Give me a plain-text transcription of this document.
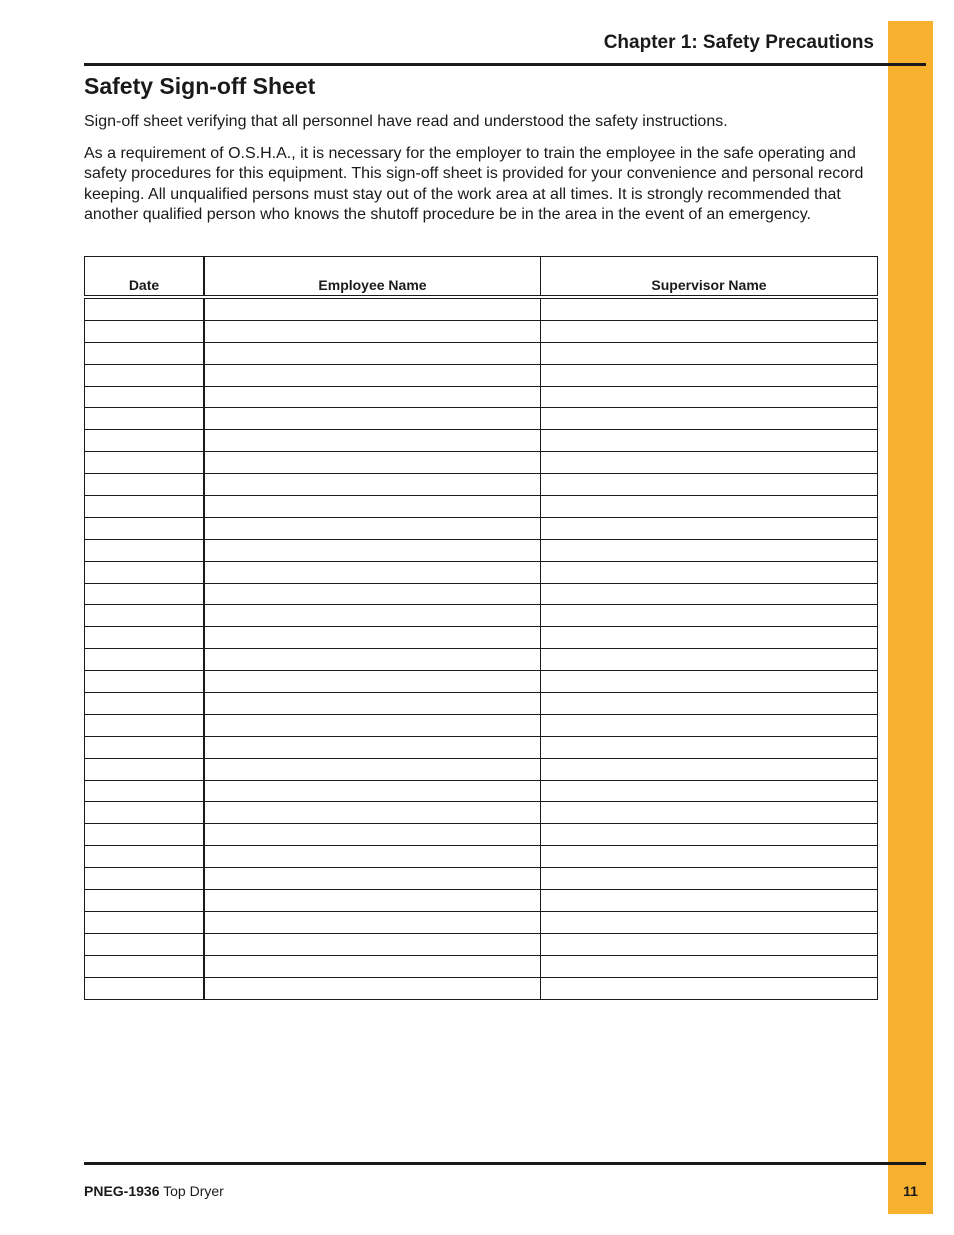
Chapter 1: Safety Precautions
Safety Sign-off Sheet

Sign-off sheet verifying that all personnel have read and understood the safety instructions.

As a requirement of O.S.H.A., it is necessary for the employer to train the employee in the safe operating and safety procedures for this equipment. This sign-off sheet is provided for your convenience and personal record keeping. All unqualified persons must stay out of the work area at all times. It is strongly recommended that another qualified person who knows the shutoff procedure be in the area in the event of an emergency.

Date	Employee Name	Supervisor Name

PNEG-1936 Top Dryer	11
